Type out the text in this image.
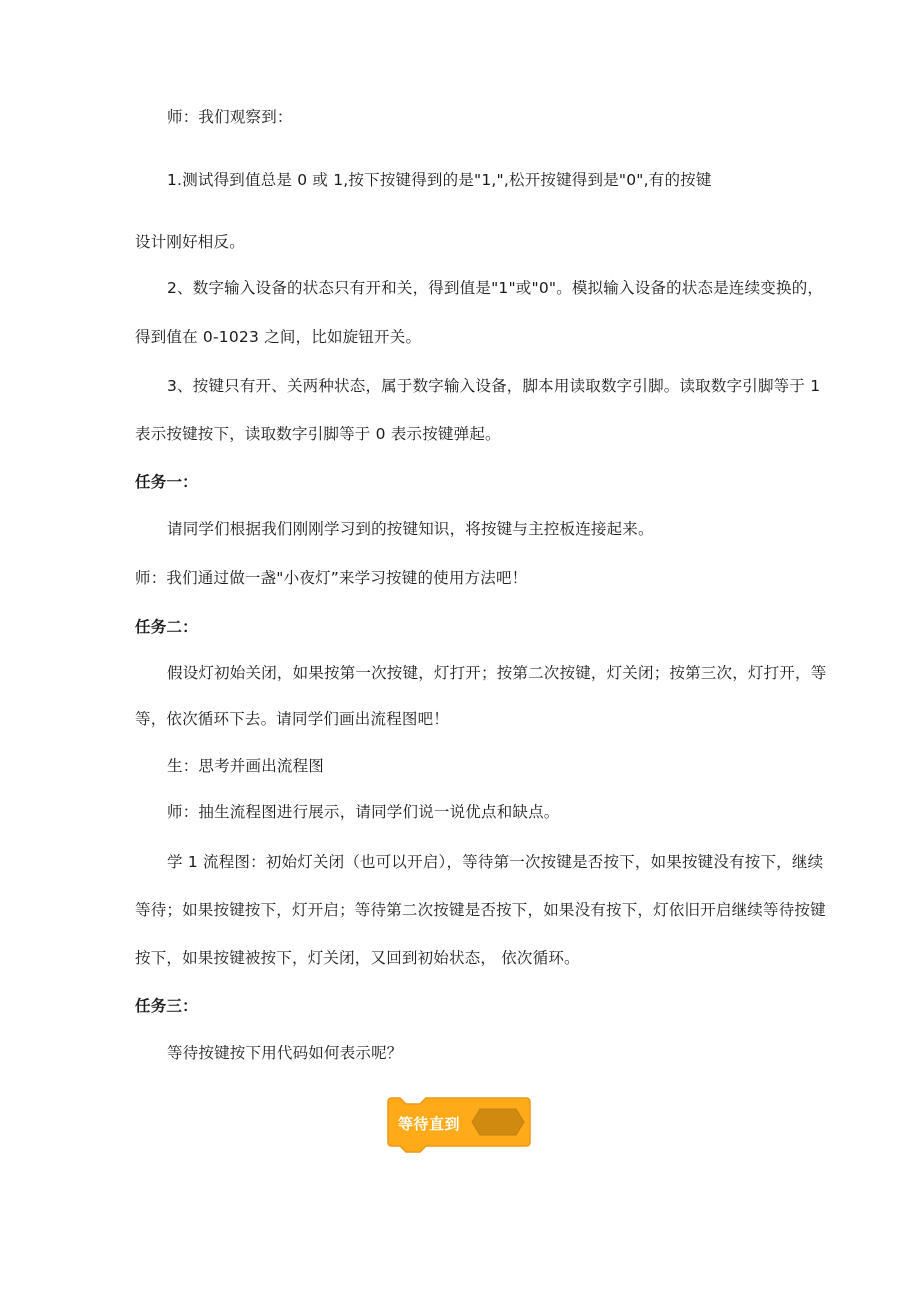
师：我们观察到：
1.测试得到值总是 0 或 1,按下按键得到的是"1,",松开按键得到是"0",有的按键
设计刚好相反。
2、数字输入设备的状态只有开和关，得到值是"1"或"0"。模拟输入设备的状态是连续变换的，
得到值在 0-1023 之间，比如旋钮开关。
3、按键只有开、关两种状态，属于数字输入设备，脚本用读取数字引脚。读取数字引脚等于 1
表示按键按下，读取数字引脚等于 0 表示按键弹起。
任务一：
请同学们根据我们刚刚学习到的按键知识，将按键与主控板连接起来。
师：我们通过做一盏"小夜灯”来学习按键的使用方法吧！
任务二：
假设灯初始关闭，如果按第一次按键，灯打开；按第二次按键，灯关闭；按第三次，灯打开，等
等，依次循环下去。请同学们画出流程图吧！
生：思考并画出流程图
师：抽生流程图进行展示，请同学们说一说优点和缺点。
学 1 流程图：初始灯关闭（也可以开启），等待第一次按键是否按下，如果按键没有按下，继续
等待；如果按键按下，灯开启；等待第二次按键是否按下，如果没有按下，灯依旧开启继续等待按键
按下，如果按键被按下，灯关闭，又回到初始状态， 依次循环。
任务三：
等待按键按下用代码如何表示呢？
等待直到
